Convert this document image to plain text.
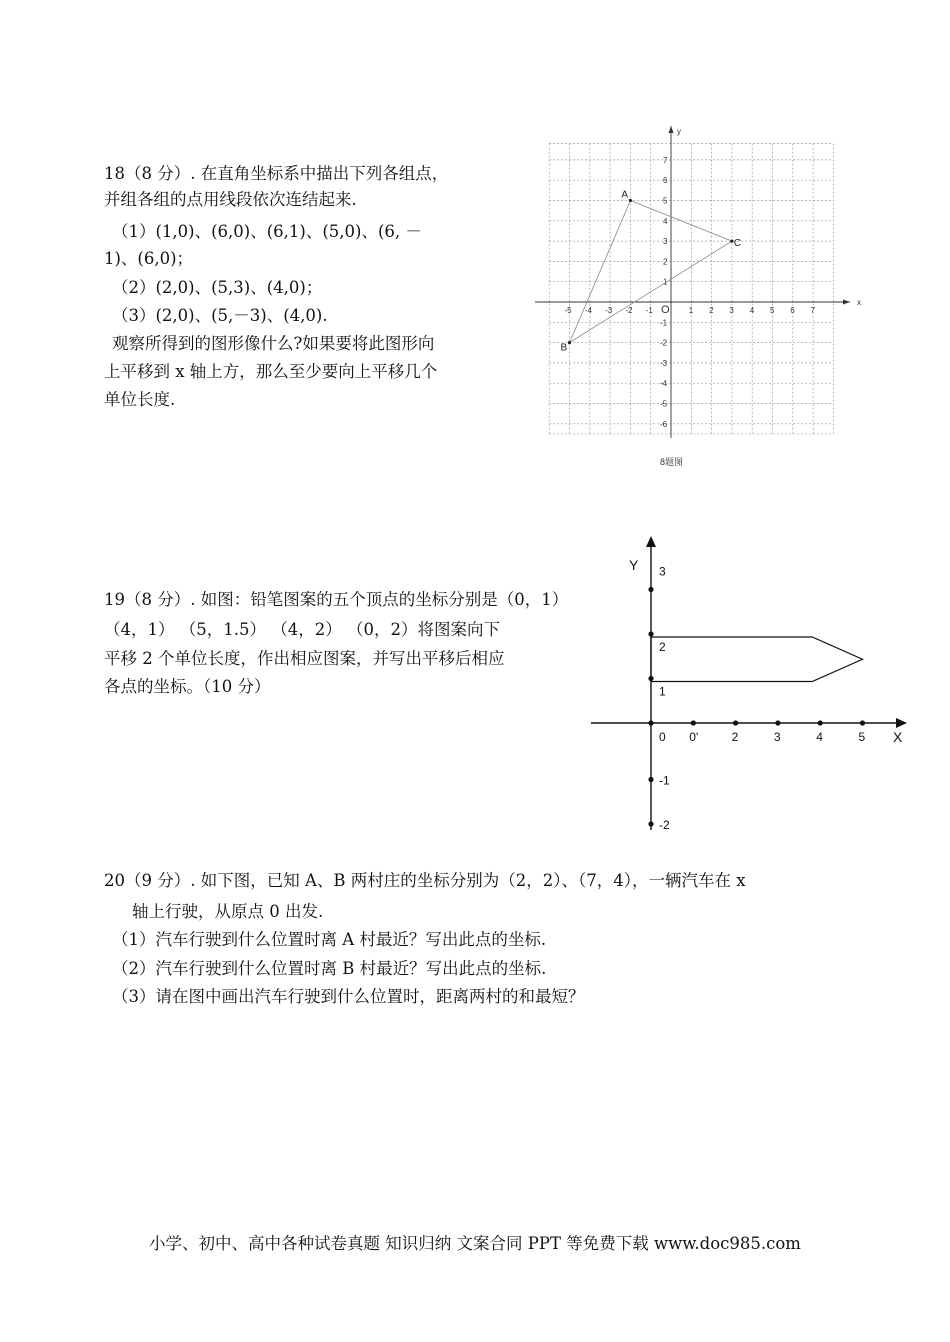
18（8 分）. 在直角坐标系中描出下列各组点，
并组各组的点用线段依次连结起来.
（1）(1,0)、(6,0)、(6,1)、(5,0)、(6, －
1)、(6,0)；
（2）(2,0)、(5,3)、(4,0)；
（3）(2,0)、(5,－3)、(4,0).
观察所得到的图形像什么?如果要将此图形向
上平移到 x 轴上方，那么至少要向上平移几个
单位长度.
x
y
O
-5 -4 -3 -2 -1	1 2 3 4 5 6 7
1
2
3
4
5
6
7
-1
-2
-3
-4
-5
-6
A
B
C
8题图
19（8 分）. 如图：铅笔图案的五个顶点的坐标分别是（0，1）
（4，1） （5，1.5） （4，2） （0，2）将图案向下
平移 2 个单位长度，作出相应图案，并写出平移后相应
各点的坐标。（10 分）
X
Y
0 0'	2	3	4	5
1
2
3
-1
-2
20（9 分）. 如下图，已知 A、B 两村庄的坐标分别为（2，2）、（7，4），一辆汽车在 x
轴上行驶，从原点 0 出发.
（1）汽车行驶到什么位置时离 A 村最近？写出此点的坐标.
（2）汽车行驶到什么位置时离 B 村最近？写出此点的坐标.
（3）请在图中画出汽车行驶到什么位置时，距离两村的和最短？
小学、初中、高中各种试卷真题 知识归纳 文案合同 PPT 等免费下载 www.doc985.com
